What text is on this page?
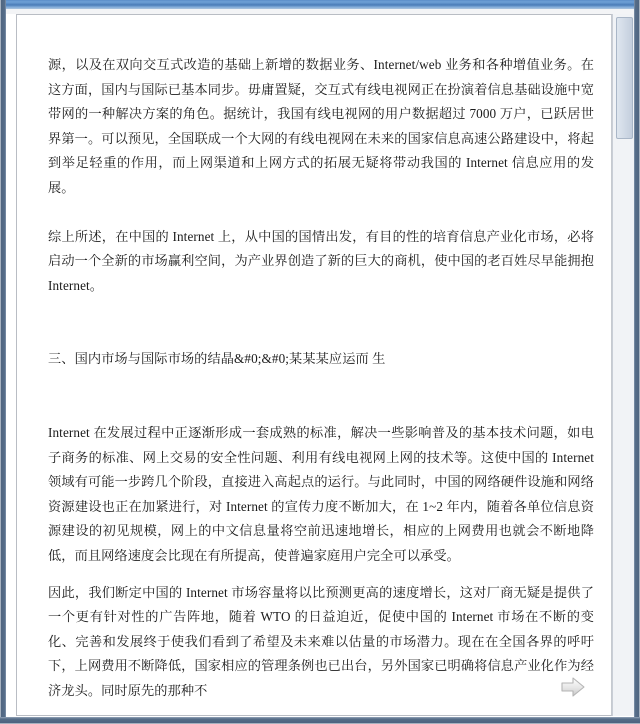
源，以及在双向交互式改造的基础上新增的数据业务、Internet/web 业务和各种增值业务。在这方面，国内与国际已基本同步。毋庸置疑，交互式有线电视网正在扮演着信息基础设施中宽带网的一种解决方案的角色。据统计，我国有线电视网的用户数据超过 7000 万户，已跃居世界第一。可以预见，全国联成一个大网的有线电视网在未来的国家信息高速公路建设中，将起到举足轻重的作用，而上网渠道和上网方式的拓展无疑将带动我国的 Internet 信息应用的发展。

综上所述，在中国的 Internet 上，从中国的国情出发，有目的性的培育信息产业化市场，必将启动一个全新的市场赢利空间，为产业界创造了新的巨大的商机，使中国的老百姓尽早能拥抱 Internet。

三、国内市场与国际市场的结晶&#0;&#0;某某某应运而 生

Internet 在发展过程中正逐渐形成一套成熟的标准，解决一些影响普及的基本技术问题，如电子商务的标准、网上交易的安全性问题、利用有线电视网上网的技术等。这使中国的 Internet 领域有可能一步跨几个阶段，直接进入高起点的运行。与此同时，中国的网络硬件设施和网络资源建设也正在加紧进行，对 Internet 的宣传力度不断加大，在 1~2 年内，随着各单位信息资源建设的初见规模，网上的中文信息量将空前迅速地增长，相应的上网费用也就会不断地降低，而且网络速度会比现在有所提高，使普遍家庭用户完全可以承受。

因此，我们断定中国的 Internet 市场容量将以比预测更高的速度增长，这对厂商无疑是提供了一个更有针对性的广告阵地，随着 WTO 的日益迫近，促使中国的 Internet 市场在不断的变化、完善和发展终于使我们看到了希望及未来难以估量的市场潜力。现在在全国各界的呼吁下，上网费用不断降低，国家相应的管理条例也已出台，另外国家已明确将信息产业化作为经济龙头。同时原先的那种不
